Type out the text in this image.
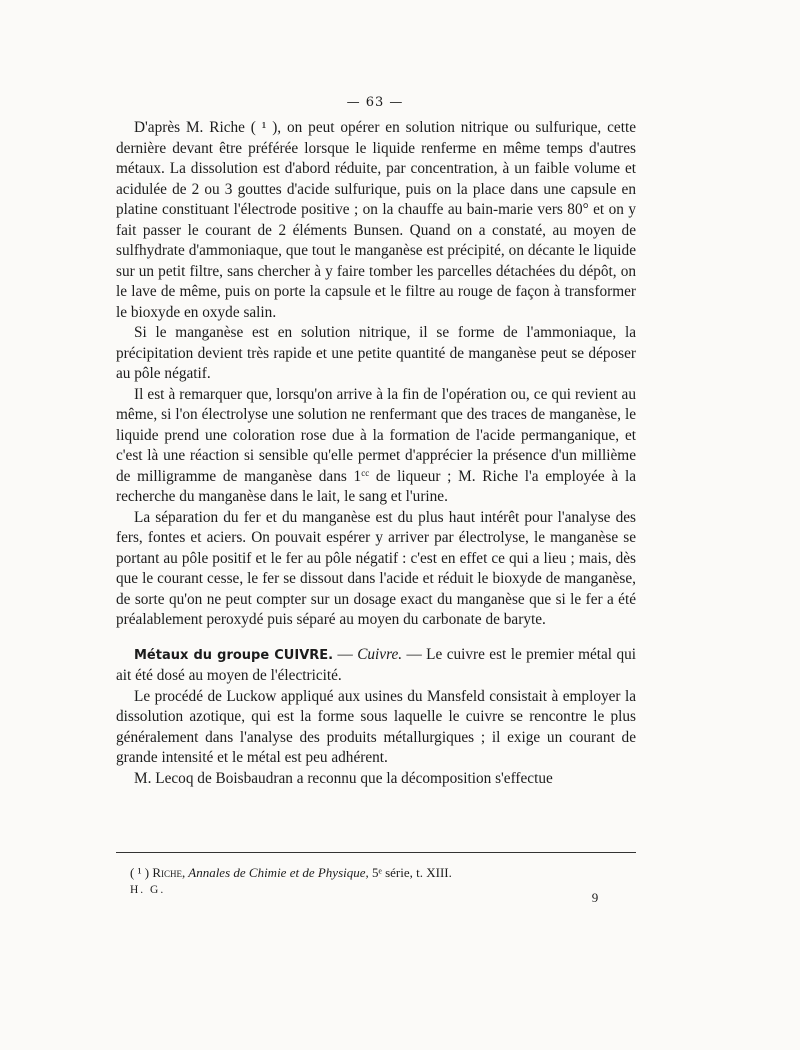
— 63 —

D'après M. Riche ( ¹ ), on peut opérer en solution nitrique ou sulfurique, cette dernière devant être préférée lorsque le liquide renferme en même temps d'autres métaux. La dissolution est d'abord réduite, par concentration, à un faible volume et acidulée de 2 ou 3 gouttes d'acide sulfurique, puis on la place dans une capsule en platine constituant l'électrode positive ; on la chauffe au bain-marie vers 80° et on y fait passer le courant de 2 éléments Bunsen. Quand on a constaté, au moyen de sulfhydrate d'ammoniaque, que tout le manganèse est précipité, on décante le liquide sur un petit filtre, sans chercher à y faire tomber les parcelles détachées du dépôt, on le lave de même, puis on porte la capsule et le filtre au rouge de façon à transformer le bioxyde en oxyde salin.

Si le manganèse est en solution nitrique, il se forme de l'ammoniaque, la précipitation devient très rapide et une petite quantité de manganèse peut se déposer au pôle négatif.

Il est à remarquer que, lorsqu'on arrive à la fin de l'opération ou, ce qui revient au même, si l'on électrolyse une solution ne renfermant que des traces de manganèse, le liquide prend une coloration rose due à la formation de l'acide permanganique, et c'est là une réaction si sensible qu'elle permet d'apprécier la présence d'un millième de milligramme de manganèse dans $1^{cc}$ de liqueur ; M. Riche l'a employée à la recherche du manganèse dans le lait, le sang et l'urine.

La séparation du fer et du manganèse est du plus haut intérêt pour l'analyse des fers, fontes et aciers. On pouvait espérer y arriver par électrolyse, le manganèse se portant au pôle positif et le fer au pôle négatif : c'est en effet ce qui a lieu ; mais, dès que le courant cesse, le fer se dissout dans l'acide et réduit le bioxyde de manganèse, de sorte qu'on ne peut compter sur un dosage exact du manganèse que si le fer a été préalablement peroxydé puis séparé au moyen du carbonate de baryte.

Métaux du groupe CUIVRE. — Cuivre. — Le cuivre est le premier métal qui ait été dosé au moyen de l'électricité.

Le procédé de Luckow appliqué aux usines du Mansfeld consistait à employer la dissolution azotique, qui est la forme sous laquelle le cuivre se rencontre le plus généralement dans l'analyse des produits métallurgiques ; il exige un courant de grande intensité et le métal est peu adhérent.

M. Lecoq de Boisbaudran a reconnu que la décomposition s'effectue

( ¹ ) Riche, Annales de Chimie et de Physique, 5ᵉ série, t. XIII.
H. G.	9
